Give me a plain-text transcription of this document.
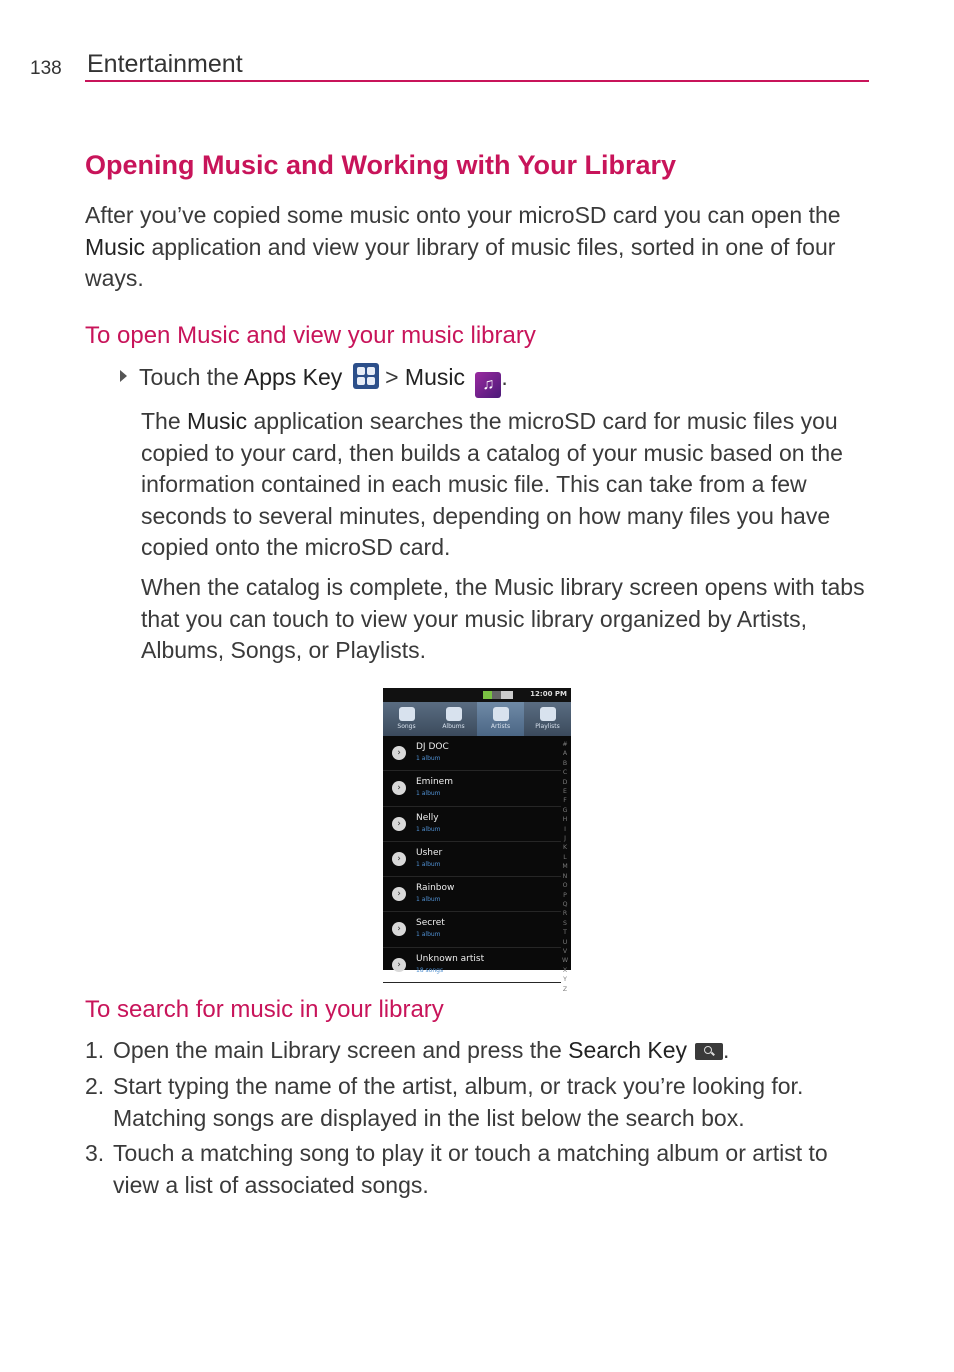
138 Entertainment
Opening Music and Working with Your Library
After you’ve copied some music onto your microSD card you can open the Music application and view your library of music files, sorted in one of four ways.
To open Music and view your music library
Touch the Apps Key
> Music ♫ .
The Music application searches the microSD card for music files you copied to your card, then builds a catalog of your music based on the information contained in each music file. This can take from a few seconds to several minutes, depending on how many files you have copied onto the microSD card.
When the catalog is complete, the Music library screen opens with tabs that you can touch to view your music library organized by Artists, Albums, Songs, or Playlists.
12:00 PM
Songs	Albums	Artists	Playlists
›
DJ DOC
1 album
›
Eminem
1 album
›
Nelly
1 album
›
Usher
1 album
›
Rainbow
1 album
›
Secret
1 album
›
Unknown artist
18 songs
#
A
B
C
D
E
F
G
H
I
J
K
L
M
N
O
P
Q
R
S
T
U
V
W
X
Y
Z
To search for music in your library
1. Open the main Library screen and press the Search Key .
2. Start typing the name of the artist, album, or track you’re looking for. Matching songs are displayed in the list below the search box.
3. Touch a matching song to play it or touch a matching album or artist to view a list of associated songs.
